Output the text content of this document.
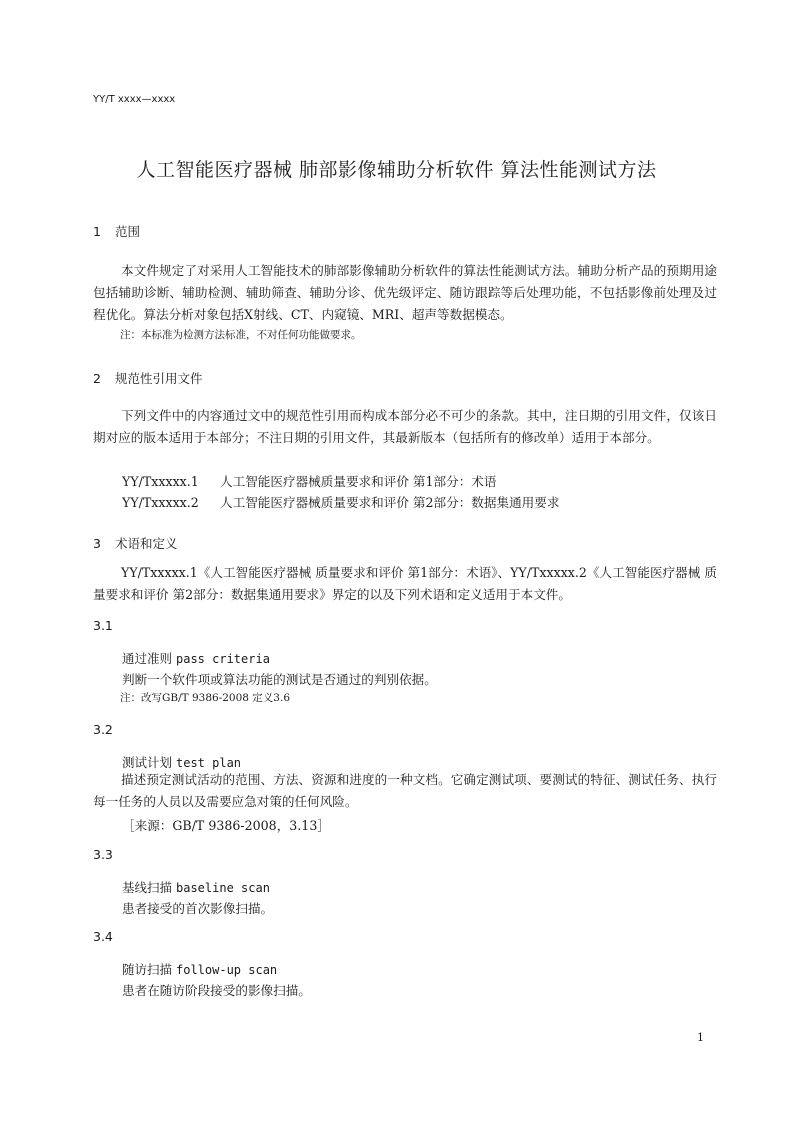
YY/T xxxx—xxxx
人工智能医疗器械 肺部影像辅助分析软件 算法性能测试方法
1 范围
本文件规定了对采用人工智能技术的肺部影像辅助分析软件的算法性能测试方法。辅助分析产品的预期用途包括辅助诊断、辅助检测、辅助筛查、辅助分诊、优先级评定、随访跟踪等后处理功能，不包括影像前处理及过程优化。算法分析对象包括X射线、CT、内窥镜、MRI、超声等数据模态。
注：本标准为检测方法标准，不对任何功能做要求。
2 规范性引用文件
下列文件中的内容通过文中的规范性引用而构成本部分必不可少的条款。其中，注日期的引用文件，仅该日期对应的版本适用于本部分；不注日期的引用文件，其最新版本（包括所有的修改单）适用于本部分。
YY/Txxxxx.1 人工智能医疗器械质量要求和评价 第1部分：术语
YY/Txxxxx.2 人工智能医疗器械质量要求和评价 第2部分：数据集通用要求
3 术语和定义
YY/Txxxxx.1《人工智能医疗器械 质量要求和评价 第1部分：术语》、YY/Txxxxx.2《人工智能医疗器械 质量要求和评价 第2部分：数据集通用要求》界定的以及下列术语和定义适用于本文件。
3.1
通过准则 pass criteria
判断一个软件项或算法功能的测试是否通过的判别依据。
注：改写GB/T 9386-2008 定义3.6
3.2
测试计划 test plan
描述预定测试活动的范围、方法、资源和进度的一种文档。它确定测试项、要测试的特征、测试任务、执行每一任务的人员以及需要应急对策的任何风险。
［来源：GB/T 9386-2008，3.13］
3.3
基线扫描 baseline scan
患者接受的首次影像扫描。
3.4
随访扫描 follow-up scan
患者在随访阶段接受的影像扫描。
1
